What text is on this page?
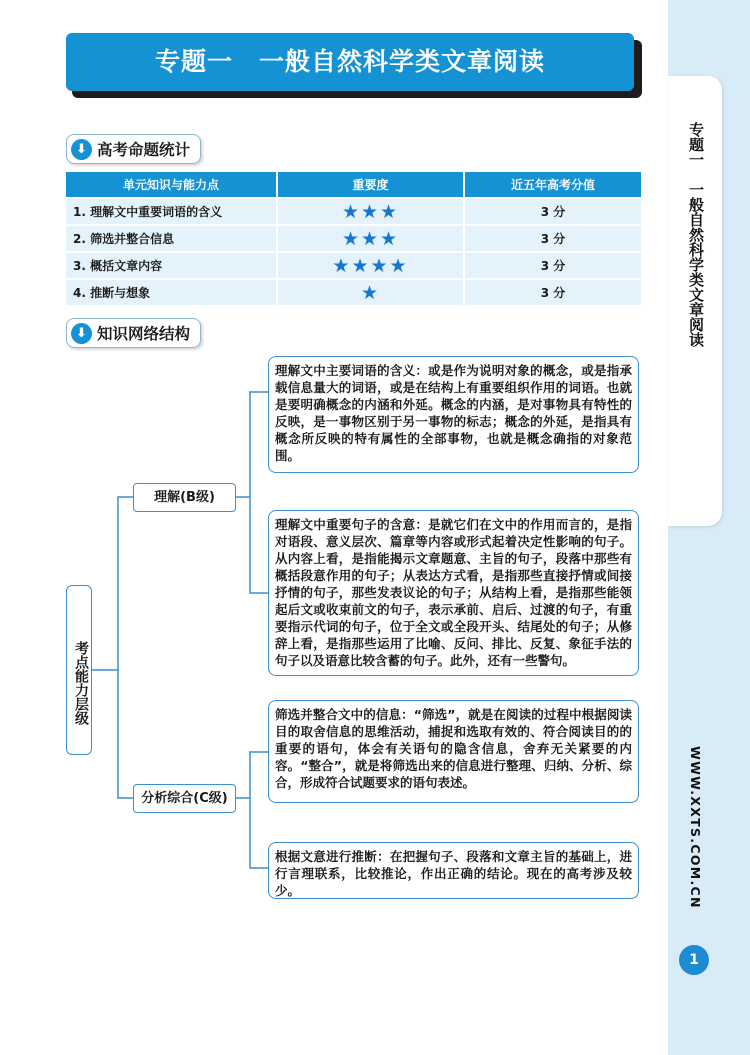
专题一　一般自然科学类文章阅读
WWW.XXTS.COM.CN
1
专题一　一般自然科学类文章阅读
⬇ 高考命题统计
单元知识与能力点	重要度	近五年高考分值
1. 理解文中重要词语的含义	★★★	3 分
2. 筛选并整合信息	★★★	3 分
3. 概括文章内容	★★★★	3 分
4. 推断与想象	★	3 分
⬇ 知识网络结构
考点能力层级
理解(B级)
分析综合(C级)
理解文中主要词语的含义：或是作为说明对象的概念，或是指承载信息量大的词语，或是在结构上有重要组织作用的词语。也就是要明确概念的内涵和外延。概念的内涵，是对事物具有特性的反映，是一事物区别于另一事物的标志；概念的外延，是指具有概念所反映的特有属性的全部事物，也就是概念确指的对象范围。
理解文中重要句子的含意：是就它们在文中的作用而言的，是指对语段、意义层次、篇章等内容或形式起着决定性影响的句子。从内容上看，是指能揭示文章题意、主旨的句子，段落中那些有概括段意作用的句子；从表达方式看，是指那些直接抒情或间接抒情的句子，那些发表议论的句子；从结构上看，是指那些能领起后文或收束前文的句子，表示承前、启后、过渡的句子，有重要指示代词的句子，位于全文或全段开头、结尾处的句子；从修辞上看，是指那些运用了比喻、反问、排比、反复、象征手法的句子以及语意比较含蓄的句子。此外，还有一些警句。
筛选并整合文中的信息：“筛选”，就是在阅读的过程中根据阅读目的取舍信息的思维活动，捕捉和选取有效的、符合阅读目的的重要的语句，体会有关语句的隐含信息，舍弃无关紧要的内容。“整合”，就是将筛选出来的信息进行整理、归纳、分析、综合，形成符合试题要求的语句表述。
根据文意进行推断：在把握句子、段落和文章主旨的基础上，进行言理联系，比较推论，作出正确的结论。现在的高考涉及较少。
